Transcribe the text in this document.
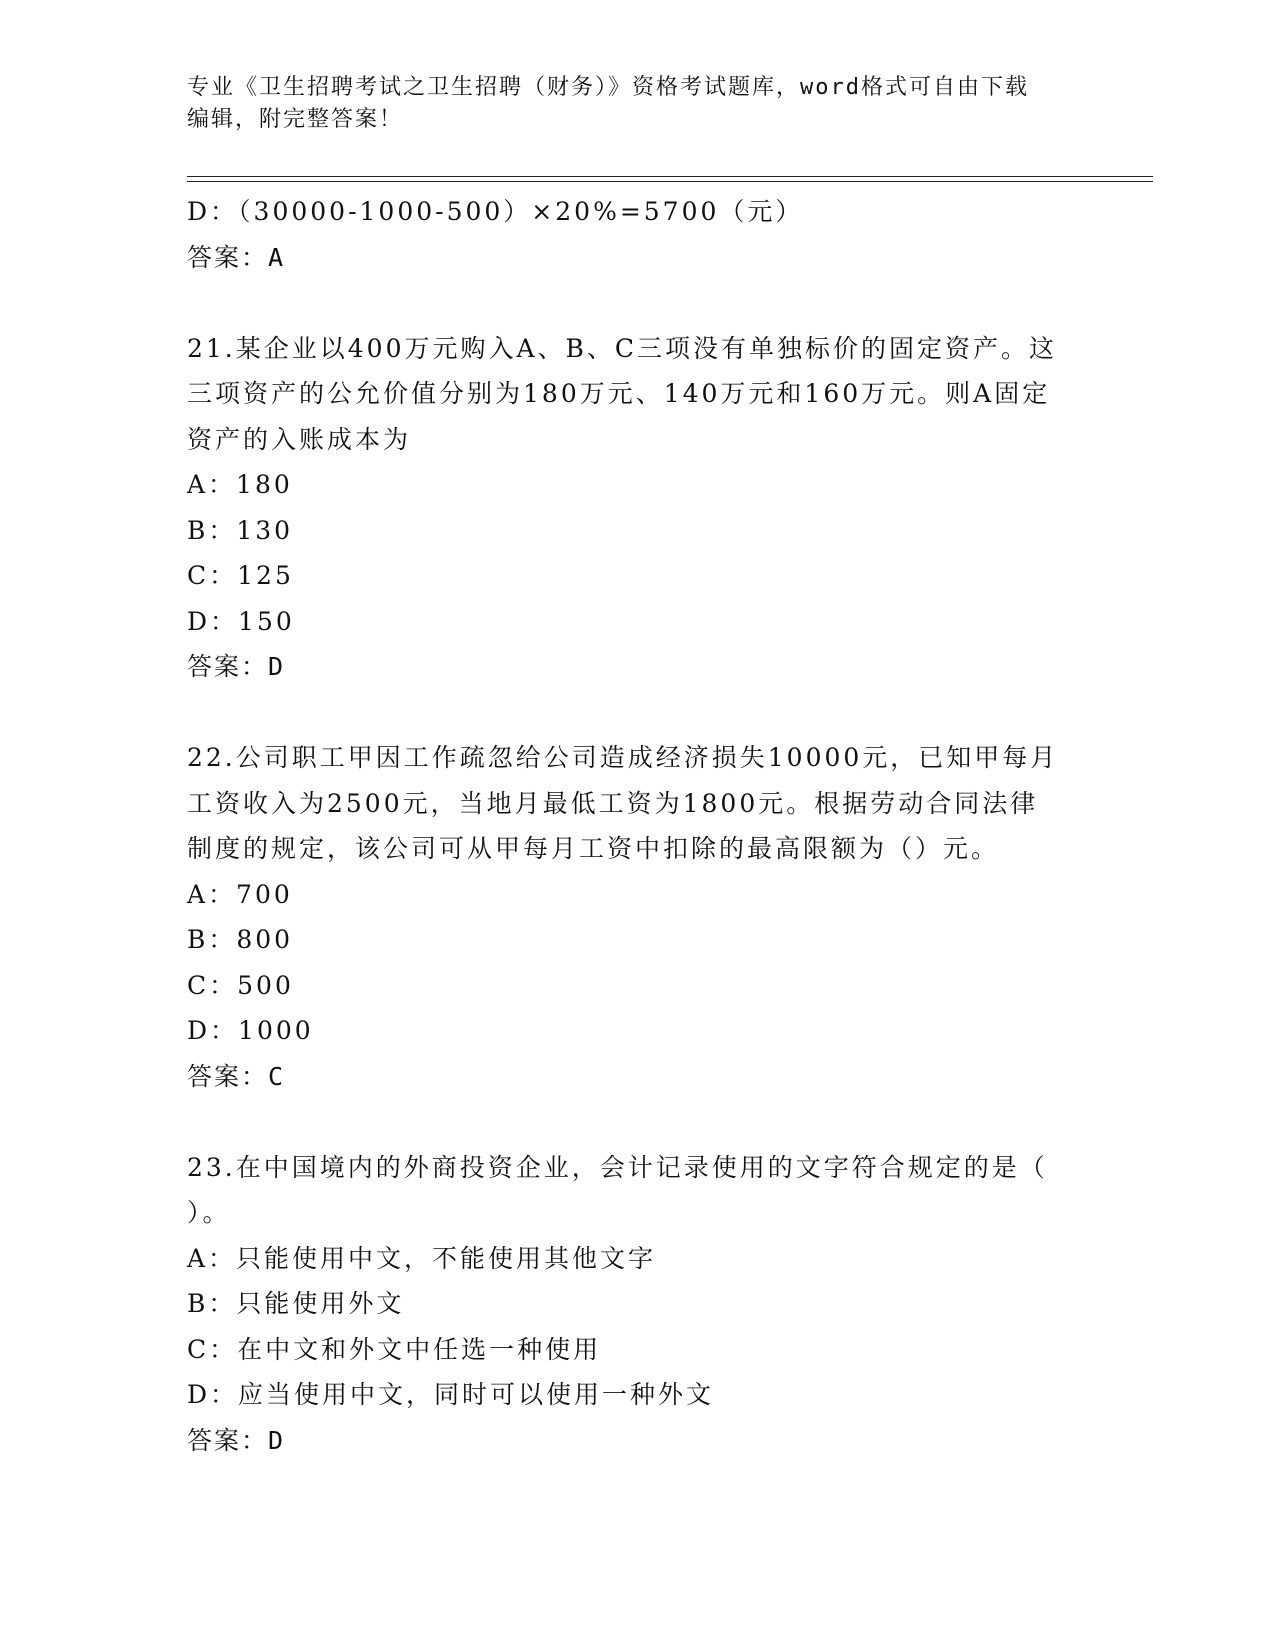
专业《卫生招聘考试之卫生招聘（财务）》资格考试题库，word格式可自由下载
编辑，附完整答案！
D：（30000-1000-500）×20%=5700（元）
答案：A
21.某企业以400万元购入A、B、C三项没有单独标价的固定资产。这
三项资产的公允价值分别为180万元、140万元和160万元。则A固定
资产的入账成本为
A：180
B：130
C：125
D：150
答案：D
22.公司职工甲因工作疏忽给公司造成经济损失10000元，已知甲每月
工资收入为2500元，当地月最低工资为1800元。根据劳动合同法律
制度的规定，该公司可从甲每月工资中扣除的最高限额为（）元。
A：700
B：800
C：500
D：1000
答案：C
23.在中国境内的外商投资企业，会计记录使用的文字符合规定的是（
）。
A：只能使用中文，不能使用其他文字
B：只能使用外文
C：在中文和外文中任选一种使用
D：应当使用中文，同时可以使用一种外文
答案：D
